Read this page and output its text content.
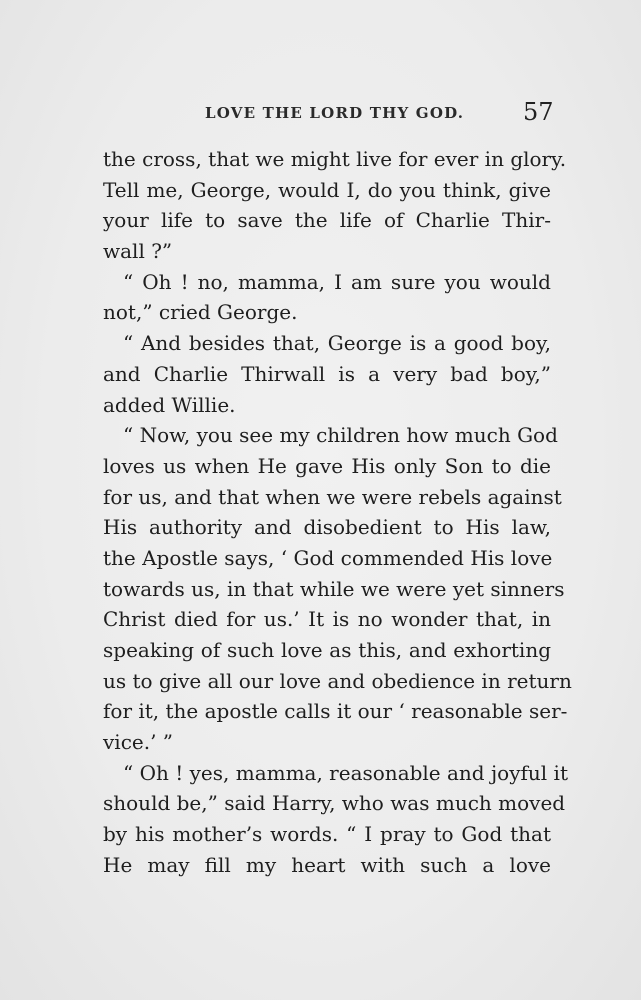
LOVE THE LORD THY GOD. 57
the cross, that we might live for ever in glory.
Tell me, George, would I, do you think, give
your life to save the life of Charlie Thir-
wall ?”
“ Oh ! no, mamma, I am sure you would
not,” cried George.
“ And besides that, George is a good boy,
and Charlie Thirwall is a very bad boy,”
added Willie.
“ Now, you see my children how much God
loves us when He gave His only Son to die
for us, and that when we were rebels against
His authority and disobedient to His law,
the Apostle says, ‘ God commended His love
towards us, in that while we were yet sinners
Christ died for us.’ It is no wonder that, in
speaking of such love as this, and exhorting
us to give all our love and obedience in return
for it, the apostle calls it our ‘ reasonable ser-
vice.’ ”
“ Oh ! yes, mamma, reasonable and joyful it
should be,” said Harry, who was much moved
by his mother’s words. “ I pray to God that
He may fill my heart with such a love
